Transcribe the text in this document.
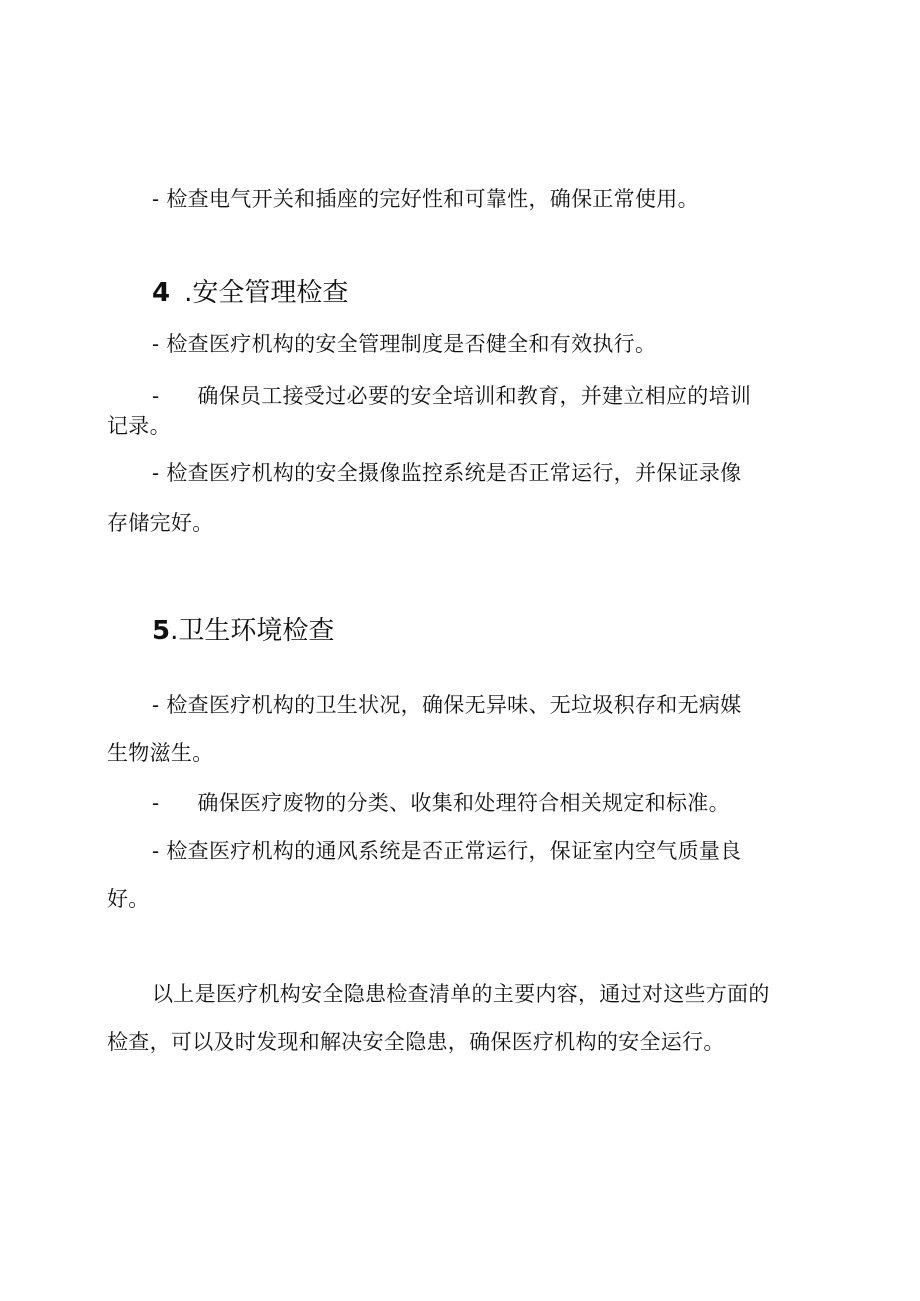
- 检查电气开关和插座的完好性和可靠性，确保正常使用。
4 .安全管理检查
- 检查医疗机构的安全管理制度是否健全和有效执行。
- 确保员工接受过必要的安全培训和教育，并建立相应的培训
记录。
- 检查医疗机构的安全摄像监控系统是否正常运行，并保证录像
存储完好。
5.卫生环境检查
- 检查医疗机构的卫生状况，确保无异味、无垃圾积存和无病媒
生物滋生。
- 确保医疗废物的分类、收集和处理符合相关规定和标准。
- 检查医疗机构的通风系统是否正常运行，保证室内空气质量良
好。
以上是医疗机构安全隐患检查清单的主要内容，通过对这些方面的
检查，可以及时发现和解决安全隐患，确保医疗机构的安全运行。
